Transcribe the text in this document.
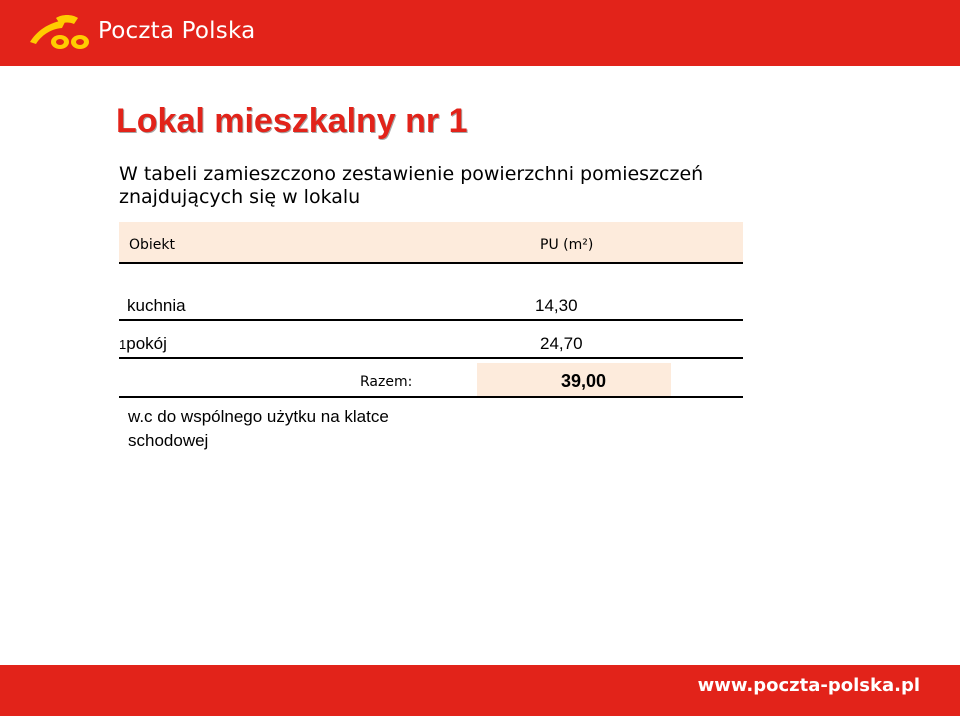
Poczta Polska
Lokal mieszkalny nr 1
W tabeli zamieszczono zestawienie powierzchni pomieszczeń
znajdujących się w lokalu
Obiekt	PU (m²)
kuchnia	14,30
1pokój	24,70
Razem:	39,00
w.c do wspólnego użytku na klatce
schodowej
www.poczta-polska.pl
